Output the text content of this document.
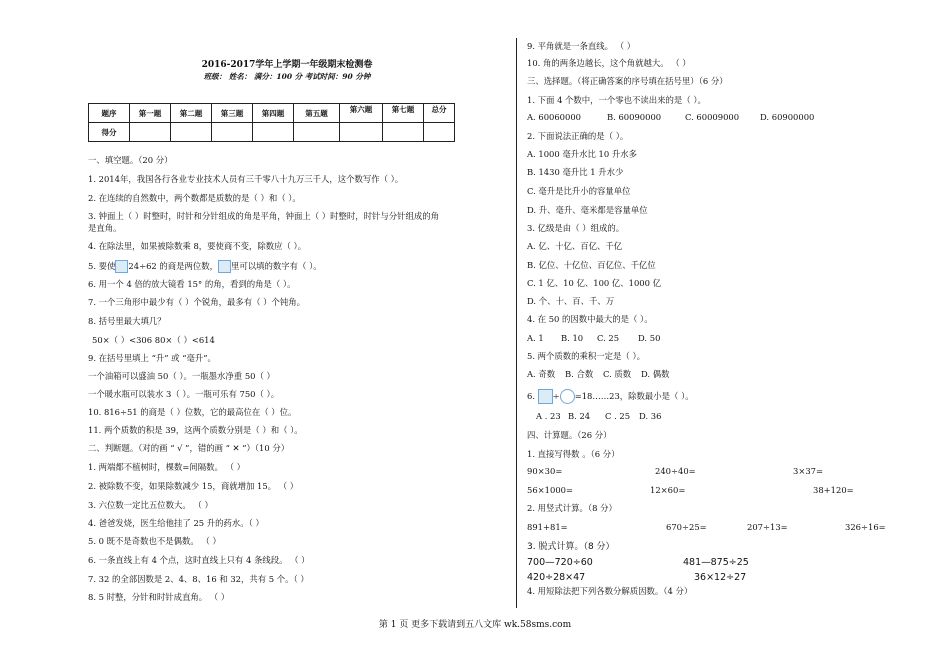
2016-2017学年上学期一年级期末检测卷
班级： 姓名： 满分：100 分 考试时间：90 分钟
题序	第一题	第二题	第三题	第四题	第五题	第六题	第七题	总分
得分								
一、填空题。（20 分）
1. 2014年，我国各行各业专业技术人员有三千零八十九万三千人，这个数写作（ ）。
2. 在连续的自然数中，两个数都是质数的是（ ）和（ ）。
3. 钟面上（ ）时整时，时针和分针组成的角是平角，钟面上（ ）时整时，时针与分针组成的角
是直角。
4. 在除法里，如果被除数乘 8，要使商不变，除数应（ ）。
5. 要使 24÷62 的商是两位数， 里可以填的数字有（ ）。
6. 用一个 4 倍的放大镜看 15° 的角，看到的角是（ ）。
7. 一个三角形中最少有（ ）个锐角，最多有（ ）个钝角。
8. 括号里最大填几？
50×（ ）<306 80×（ ）<614
9. 在括号里填上 “升” 或 “毫升”。
一个油箱可以盛油 50（ ）。一瓶墨水净重 50（ ）
一个暖水瓶可以装水 3（ ）。一瓶可乐有 750（ ）。
10. 816÷51 的商是（ ）位数，它的最高位在（ ）位。
11. 两个质数的积是 39，这两个质数分别是（ ）和（ ）。
二、判断题。（对的画 “ √ ”，错的画 “ ✕ ”）（10 分）
1. 两端都不植树时，棵数=间隔数。 （ ）
2. 被除数不变，如果除数减少 15，商就增加 15。 （ ）
3. 六位数一定比五位数大。 （ ）
4. 爸爸发烧，医生给他挂了 25 升的药水。（ ）
5. 0 既不是奇数也不是偶数。 （ ）
6. 一条直线上有 4 个点，这时直线上只有 4 条线段。 （ ）
7. 32 的全部因数是 2、4、8、16 和 32，共有 5 个。（ ）
8. 5 时整，分针和时针成直角。 （ ）
9. 平角就是一条直线。 （ ）
10. 角的两条边越长，这个角就越大。 （ ）
三、选择题。（将正确答案的序号填在括号里）（6 分）
1. 下面 4 个数中，一个零也不读出来的是（ ）。
A. 60060000	B. 60090000	C. 60009000 D. 60900000
2. 下面说法正确的是（ ）。
A. 1000 毫升水比 10 升水多
B. 1430 毫升比 1 升水少
C. 毫升是比升小的容量单位
D. 升、毫升、毫米都是容量单位
3. 亿级是由（ ）组成的。
A. 亿、十亿、百亿、千亿
B. 亿位、十亿位、百亿位、千亿位
C. 1 亿、10 亿、100 亿、1000 亿
D. 个、十、百、千、万
4. 在 50 的因数中最大的是（ ）。
A. 1 B. 10 C. 25 D. 50
5. 两个质数的乘积一定是（ ）。
A. 奇数 B. 合数 C. 质数 D. 偶数
6. ÷ =18……23，除数最小是（ ）。
A . 23 B. 24 C . 25 D. 36
四、计算题。（26 分）
1. 直接写得数 。（6 分）
90×30=	240÷40=	3×37=
56×1000=	12×60=	38+120=
2. 用竖式计算。（8 分）
891+81=	670÷25=	207÷13=	326÷16=
3. 脱式计算。（8 分）
700—720÷60	481—875÷25
420÷28×47	36×12÷27
4. 用短除法把下列各数分解质因数。（4 分）
第 1 页 更多下载请到五八文库 wk.58sms.com
